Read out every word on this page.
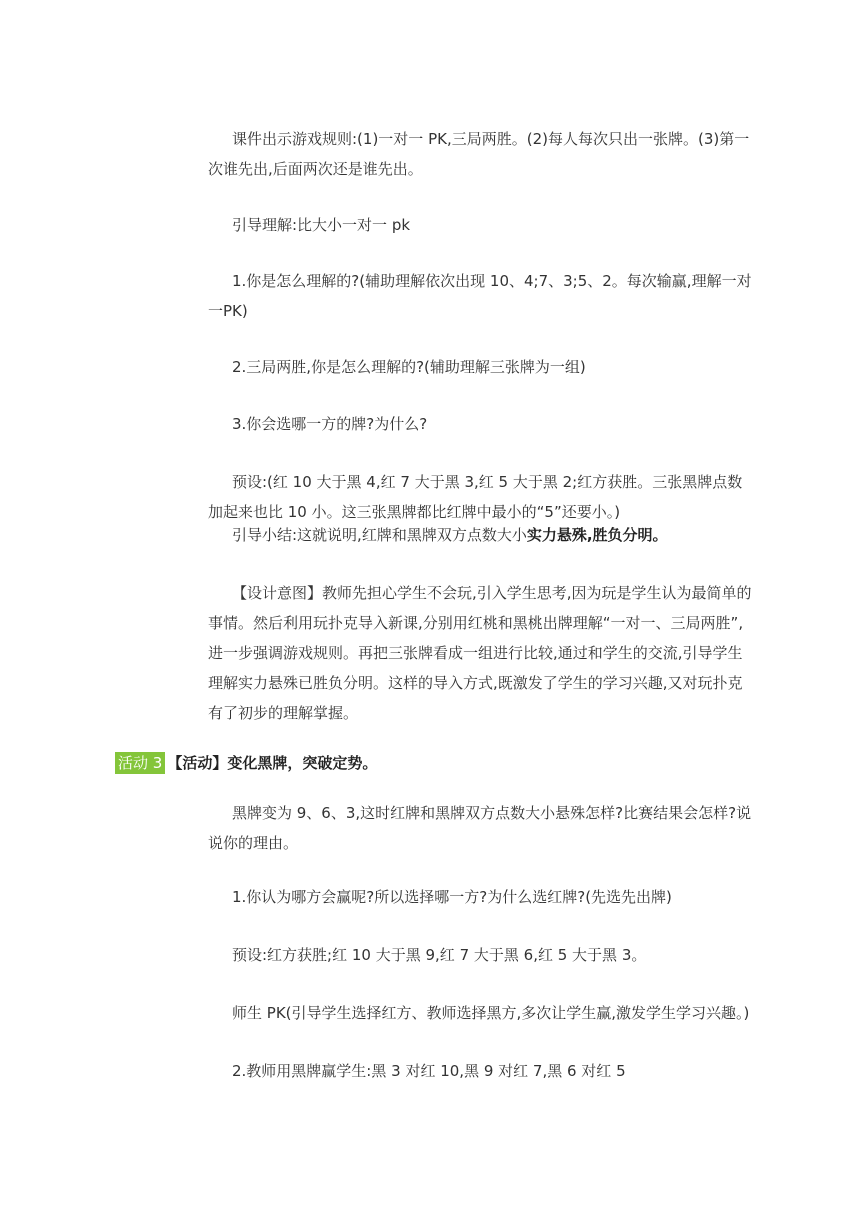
课件出示游戏规则:(1)一对一 PK,三局两胜。(2)每人每次只出一张牌。(3)第一次谁先出,后面两次还是谁先出。

引导理解:比大小一对一 pk

1.你是怎么理解的?(辅助理解依次出现 10、4;7、3;5、2。每次输赢,理解一对一PK)

2.三局两胜,你是怎么理解的?(辅助理解三张牌为一组)

3.你会选哪一方的牌?为什么?

预设:(红 10 大于黑 4,红 7 大于黑 3,红 5 大于黑 2;红方获胜。三张黑牌点数加起来也比 10 小。这三张黑牌都比红牌中最小的“5”还要小。)

引导小结:这就说明,红牌和黑牌双方点数大小实力悬殊,胜负分明。

【设计意图】教师先担心学生不会玩,引入学生思考,因为玩是学生认为最简单的事情。然后利用玩扑克导入新课,分别用红桃和黑桃出牌理解“一对一、三局两胜”,进一步强调游戏规则。再把三张牌看成一组进行比较,通过和学生的交流,引导学生理解实力悬殊已胜负分明。这样的导入方式,既激发了学生的学习兴趣,又对玩扑克有了初步的理解掌握。

活动 3 【活动】变化黑牌，突破定势。

黑牌变为 9、6、3,这时红牌和黑牌双方点数大小悬殊怎样?比赛结果会怎样?说说你的理由。

1.你认为哪方会赢呢?所以选择哪一方?为什么选红牌?(先选先出牌)

预设:红方获胜;红 10 大于黑 9,红 7 大于黑 6,红 5 大于黑 3。

师生 PK(引导学生选择红方、教师选择黑方,多次让学生赢,激发学生学习兴趣。)

2.教师用黑牌赢学生:黑 3 对红 10,黑 9 对红 7,黑 6 对红 5
